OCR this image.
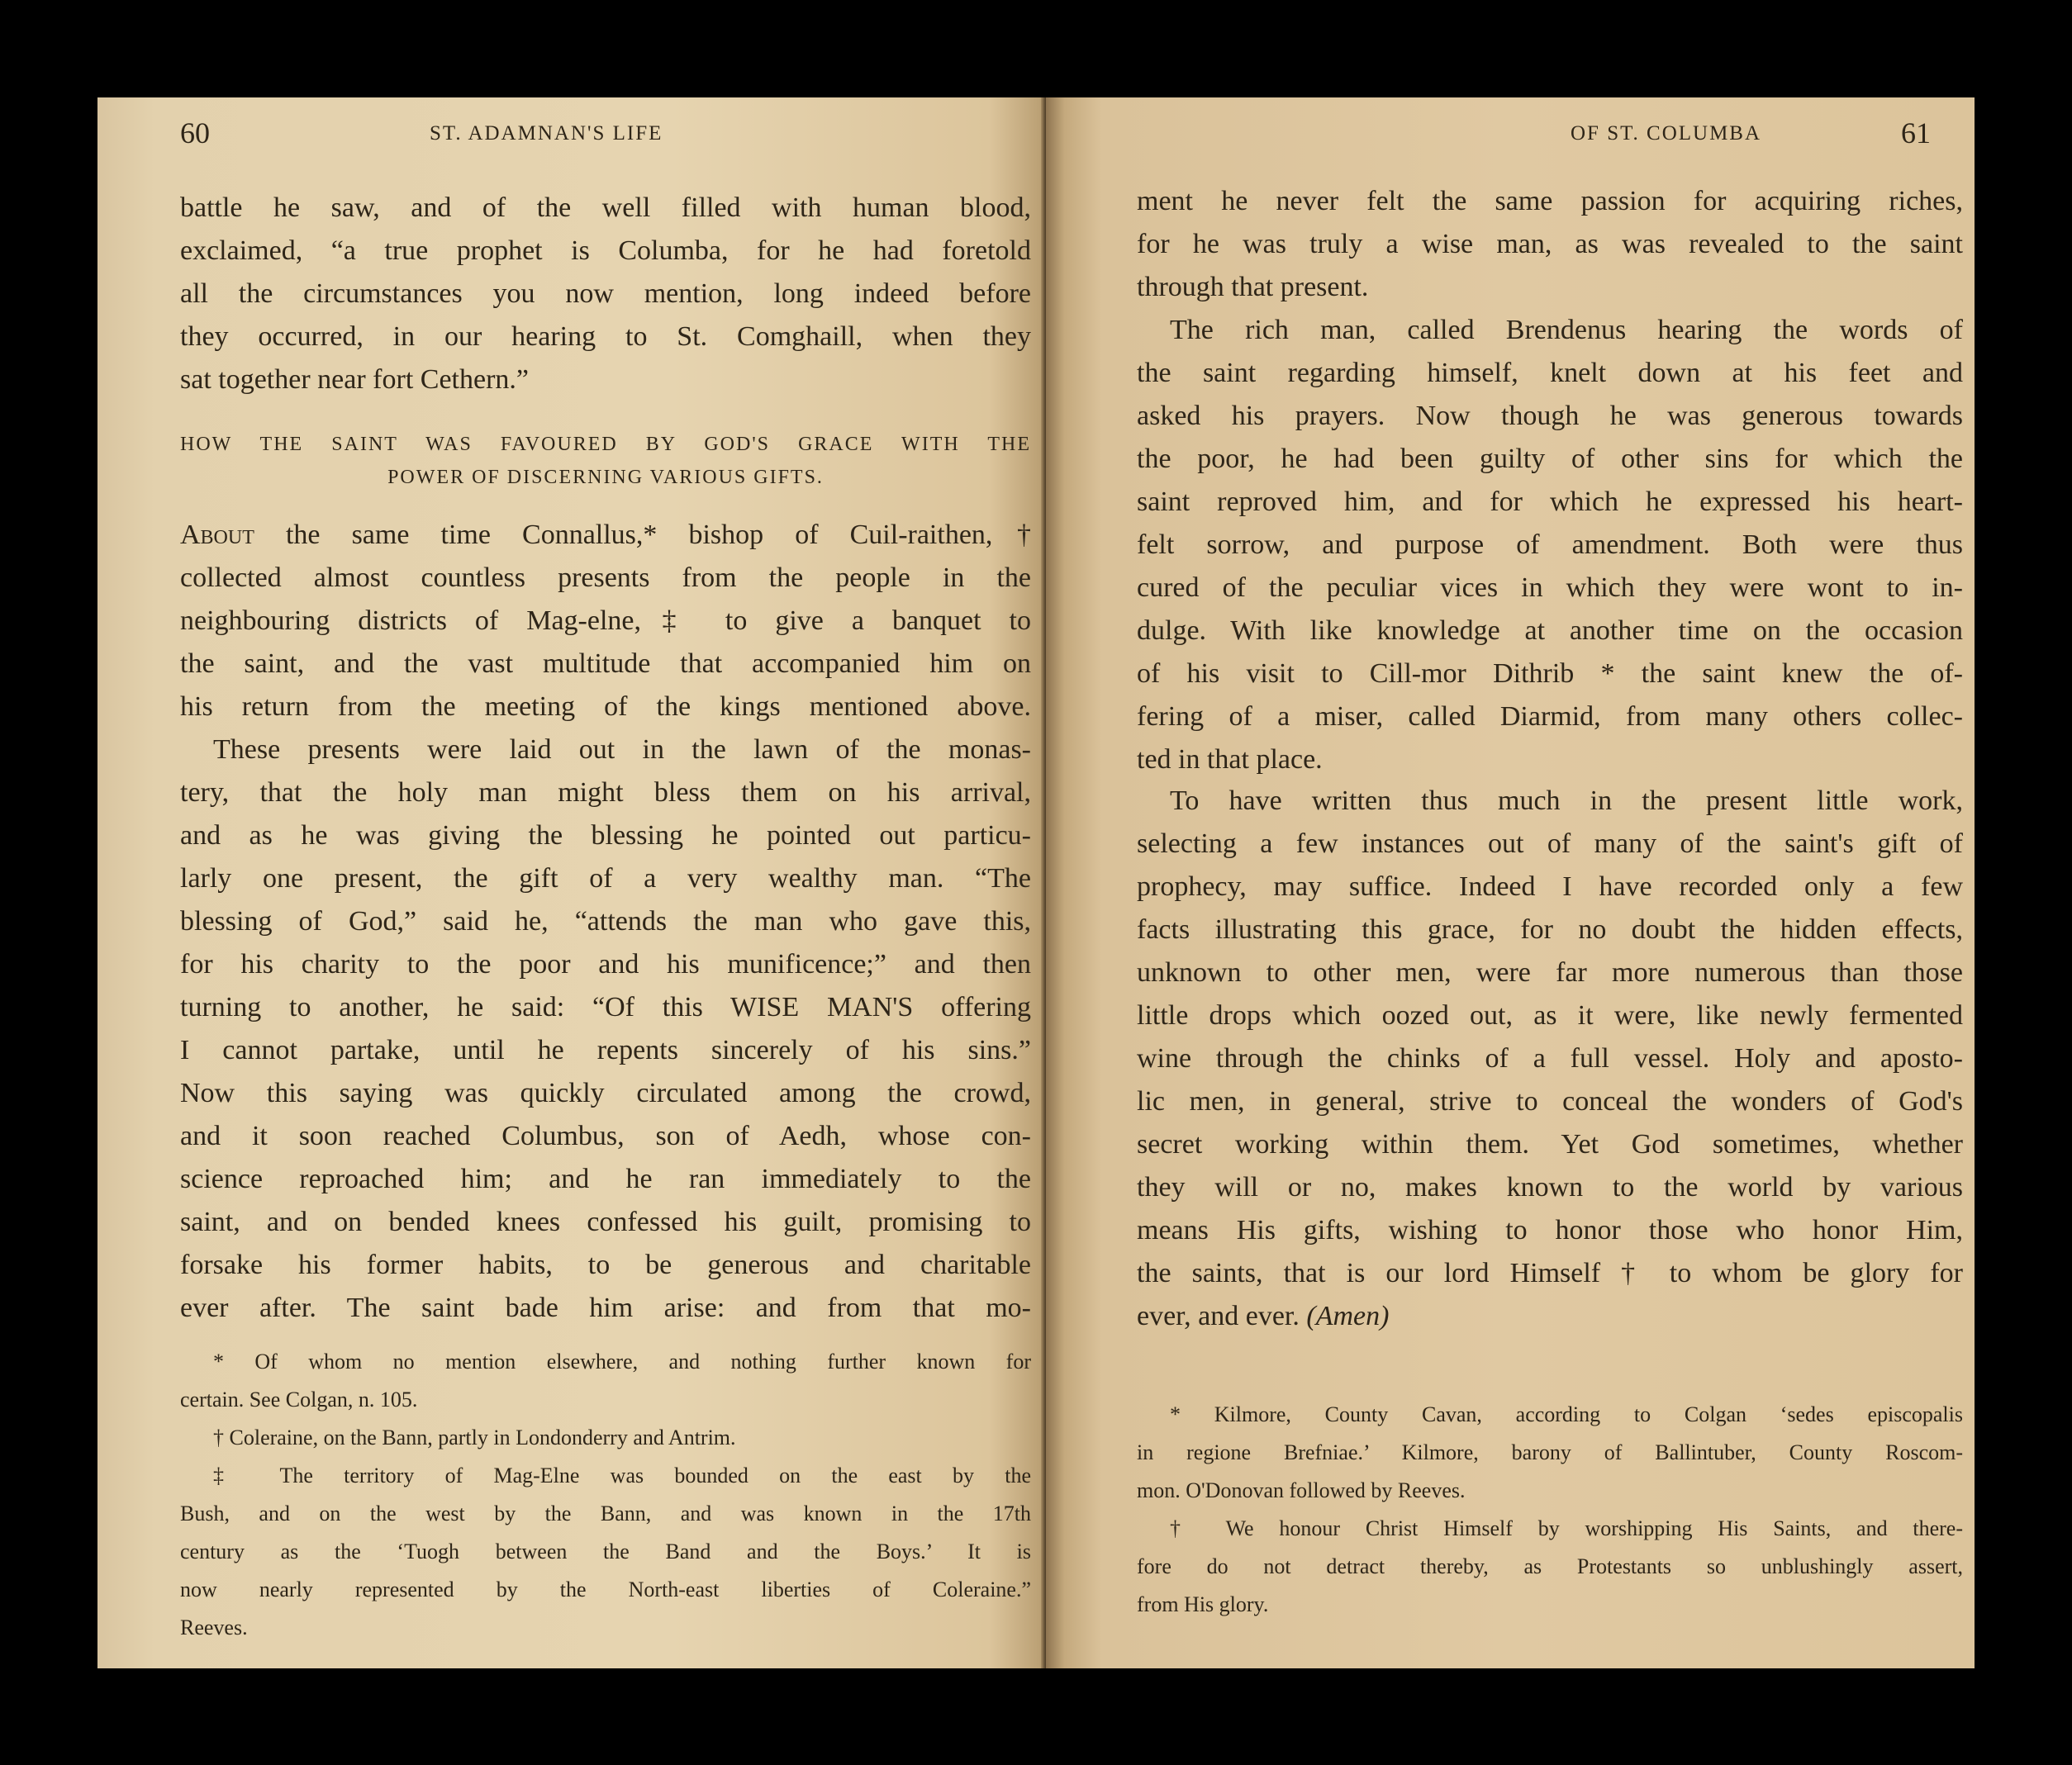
60	ST. ADAMNAN'S LIFE
battle he saw, and of the well filled with human blood,
exclaimed, “a true prophet is Columba, for he had foretold
all the circumstances you now mention, long indeed before
they occurred, in our hearing to St. Comghaill, when they
sat together near fort Cethern.”
HOW THE SAINT WAS FAVOURED BY GOD'S GRACE WITH THE
POWER OF DISCERNING VARIOUS GIFTS.
About the same time Connallus,* bishop of Cuil-raithen,†
collected almost countless presents from the people in the
neighbouring districts of Mag-elne,‡ to give a banquet to
the saint, and the vast multitude that accompanied him on
his return from the meeting of the kings mentioned above.
These presents were laid out in the lawn of the monas-
tery, that the holy man might bless them on his arrival,
and as he was giving the blessing he pointed out particu-
larly one present, the gift of a very wealthy man. “The
blessing of God,” said he, “attends the man who gave this,
for his charity to the poor and his munificence;” and then
turning to another, he said: “Of this WISE MAN'S offering
I cannot partake, until he repents sincerely of his sins.”
Now this saying was quickly circulated among the crowd,
and it soon reached Columbus, son of Aedh, whose con-
science reproached him; and he ran immediately to the
saint, and on bended knees confessed his guilt, promising to
forsake his former habits, to be generous and charitable
ever after. The saint bade him arise: and from that mo-
* Of whom no mention elsewhere, and nothing further known for
certain. See Colgan, n. 105.
† Coleraine, on the Bann, partly in Londonderry and Antrim.
‡ The territory of Mag-Elne was bounded on the east by the
Bush, and on the west by the Bann, and was known in the 17th
century as the ‘Tuogh between the Band and the Boys.’ It is
now nearly represented by the North-east liberties of Coleraine.”
Reeves.
OF ST. COLUMBA	61
ment he never felt the same passion for acquiring riches,
for he was truly a wise man, as was revealed to the saint
through that present.
The rich man, called Brendenus hearing the words of
the saint regarding himself, knelt down at his feet and
asked his prayers. Now though he was generous towards
the poor, he had been guilty of other sins for which the
saint reproved him, and for which he expressed his heart-
felt sorrow, and purpose of amendment. Both were thus
cured of the peculiar vices in which they were wont to in-
dulge. With like knowledge at another time on the occasion
of his visit to Cill-mor Dithrib * the saint knew the of-
fering of a miser, called Diarmid, from many others collec-
ted in that place.
To have written thus much in the present little work,
selecting a few instances out of many of the saint's gift of
prophecy, may suffice. Indeed I have recorded only a few
facts illustrating this grace, for no doubt the hidden effects,
unknown to other men, were far more numerous than those
little drops which oozed out, as it were, like newly fermented
wine through the chinks of a full vessel. Holy and aposto-
lic men, in general, strive to conceal the wonders of God's
secret working within them. Yet God sometimes, whether
they will or no, makes known to the world by various
means His gifts, wishing to honor those who honor Him,
the saints, that is our lord Himself † to whom be glory for
ever, and ever. (Amen)
* Kilmore, County Cavan, according to Colgan ‘sedes episcopalis
in regione Brefniae.’ Kilmore, barony of Ballintuber, County Roscom-
mon. O'Donovan followed by Reeves.
† We honour Christ Himself by worshipping His Saints, and there-
fore do not detract thereby, as Protestants so unblushingly assert,
from His glory.
